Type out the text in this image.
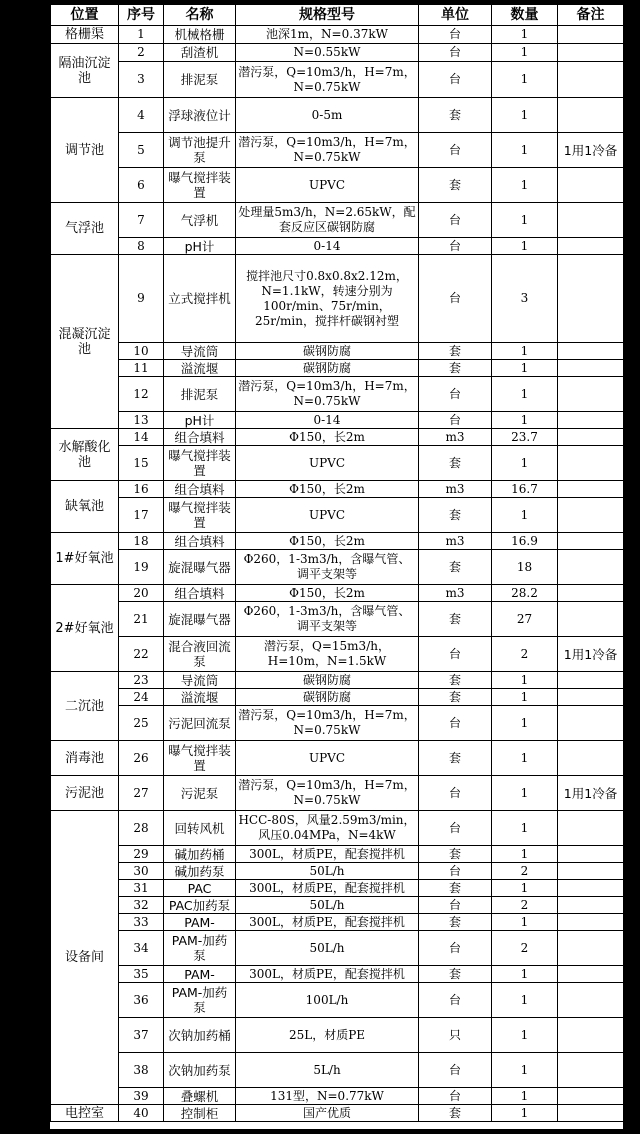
位置	序号	名称	规格型号	单位	数量	备注
格栅渠	1	机械格栅	池深1m，N=0.37kW	台	1	
隔油沉淀池	2	刮渣机	N=0.55kW	台	1	
	3	排泥泵	潜污泵，Q=10m3/h，H=7m，N=0.75kW	台	1	
调节池	4	浮球液位计	0-5m	套	1	
	5	调节池提升泵	潜污泵，Q=10m3/h，H=7m，N=0.75kW	台	1	1用1冷备
	6	曝气搅拌装置	UPVC	套	1	
气浮池	7	气浮机	处理量5m3/h，N=2.65kW，配套反应区碳钢防腐	台	1	
	8	pH计	0-14	台	1	
混凝沉淀池	9	立式搅拌机	搅拌池尺寸0.8x0.8x2.12m，N=1.1kW，转速分别为100r/min、75r/min，25r/min，搅拌杆碳钢衬塑	台	3	
	10	导流筒	碳钢防腐	套	1	
	11	溢流堰	碳钢防腐	套	1	
	12	排泥泵	潜污泵，Q=10m3/h，H=7m，N=0.75kW	台	1	
	13	pH计	0-14	台	1	
水解酸化池	14	组合填料	Φ150，长2m	m3	23.7	
	15	曝气搅拌装置	UPVC	套	1	
缺氧池	16	组合填料	Φ150，长2m	m3	16.7	
	17	曝气搅拌装置	UPVC	套	1	
1#好氧池	18	组合填料	Φ150，长2m	m3	16.9	
	19	旋混曝气器	Φ260，1-3m3/h，含曝气管、调平支架等	套	18	
2#好氧池	20	组合填料	Φ150，长2m	m3	28.2	
	21	旋混曝气器	Φ260，1-3m3/h，含曝气管、调平支架等	套	27	
	22	混合液回流泵	潜污泵，Q=15m3/h，H=10m，N=1.5kW	台	2	1用1冷备
二沉池	23	导流筒	碳钢防腐	套	1	
	24	溢流堰	碳钢防腐	套	1	
	25	污泥回流泵	潜污泵，Q=10m3/h，H=7m，N=0.75kW	台	1	
消毒池	26	曝气搅拌装置	UPVC	套	1	
污泥池	27	污泥泵	潜污泵，Q=10m3/h，H=7m，N=0.75kW	台	1	1用1冷备
设备间	28	回转风机	HCC-80S，风量2.59m3/min，风压0.04MPa，N=4kW	台	1	
	29	碱加药桶	300L，材质PE，配套搅拌机	套	1	
	30	碱加药泵	50L/h	台	2	
	31	PAC	300L，材质PE，配套搅拌机	套	1	
	32	PAC加药泵	50L/h	台	2	
	33	PAM-	300L，材质PE，配套搅拌机	套	1	
	34	PAM-加药泵	50L/h	台	2	
	35	PAM-	300L，材质PE，配套搅拌机	套	1	
	36	PAM-加药泵	100L/h	台	1	
	37	次钠加药桶	25L，材质PE	只	1	
	38	次钠加药泵	5L/h	台	1	
	39	叠螺机	131型，N=0.77kW	台	1	
电控室	40	控制柜	国产优质	套	1	
